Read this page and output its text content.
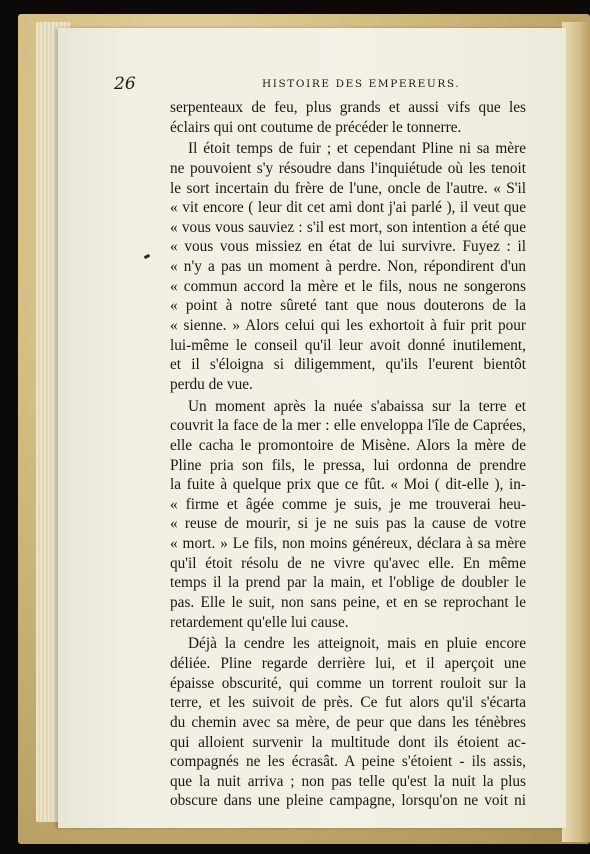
26	HISTOIRE DES EMPEREURS.
serpenteaux de feu, plus grands et aussi vifs que les
éclairs qui ont coutume de précéder le tonnerre.
Il étoit temps de fuir ; et cependant Pline ni sa mère
ne pouvoient s'y résoudre dans l'inquiétude où les tenoit
le sort incertain du frère de l'une, oncle de l'autre. « S'il
« vit encore ( leur dit cet ami dont j'ai parlé ), il veut que
« vous vous sauviez : s'il est mort, son intention a été que
« vous vous missiez en état de lui survivre. Fuyez : il
« n'y a pas un moment à perdre. Non, répondirent d'un
« commun accord la mère et le fils, nous ne songerons
« point à notre sûreté tant que nous douterons de la
« sienne. » Alors celui qui les exhortoit à fuir prit pour
lui-même le conseil qu'il leur avoit donné inutilement,
et il s'éloigna si diligemment, qu'ils l'eurent bientôt
perdu de vue.
Un moment après la nuée s'abaissa sur la terre et
couvrit la face de la mer : elle enveloppa l'île de Caprées,
elle cacha le promontoire de Misène. Alors la mère de
Pline pria son fils, le pressa, lui ordonna de prendre
la fuite à quelque prix que ce fût. « Moi ( dit-elle ), in-
« firme et âgée comme je suis, je me trouverai heu-
« reuse de mourir, si je ne suis pas la cause de votre
« mort. » Le fils, non moins généreux, déclara à sa mère
qu'il étoit résolu de ne vivre qu'avec elle. En même
temps il la prend par la main, et l'oblige de doubler le
pas. Elle le suit, non sans peine, et en se reprochant le
retardement qu'elle lui cause.
Déjà la cendre les atteignoit, mais en pluie encore
déliée. Pline regarde derrière lui, et il aperçoit une
épaisse obscurité, qui comme un torrent rouloit sur la
terre, et les suivoit de près. Ce fut alors qu'il s'écarta
du chemin avec sa mère, de peur que dans les ténèbres
qui alloient survenir la multitude dont ils étoient ac-
compagnés ne les écrasât. A peine s'étoient - ils assis,
que la nuit arriva ; non pas telle qu'est la nuit la plus
obscure dans une pleine campagne, lorsqu'on ne voit ni
